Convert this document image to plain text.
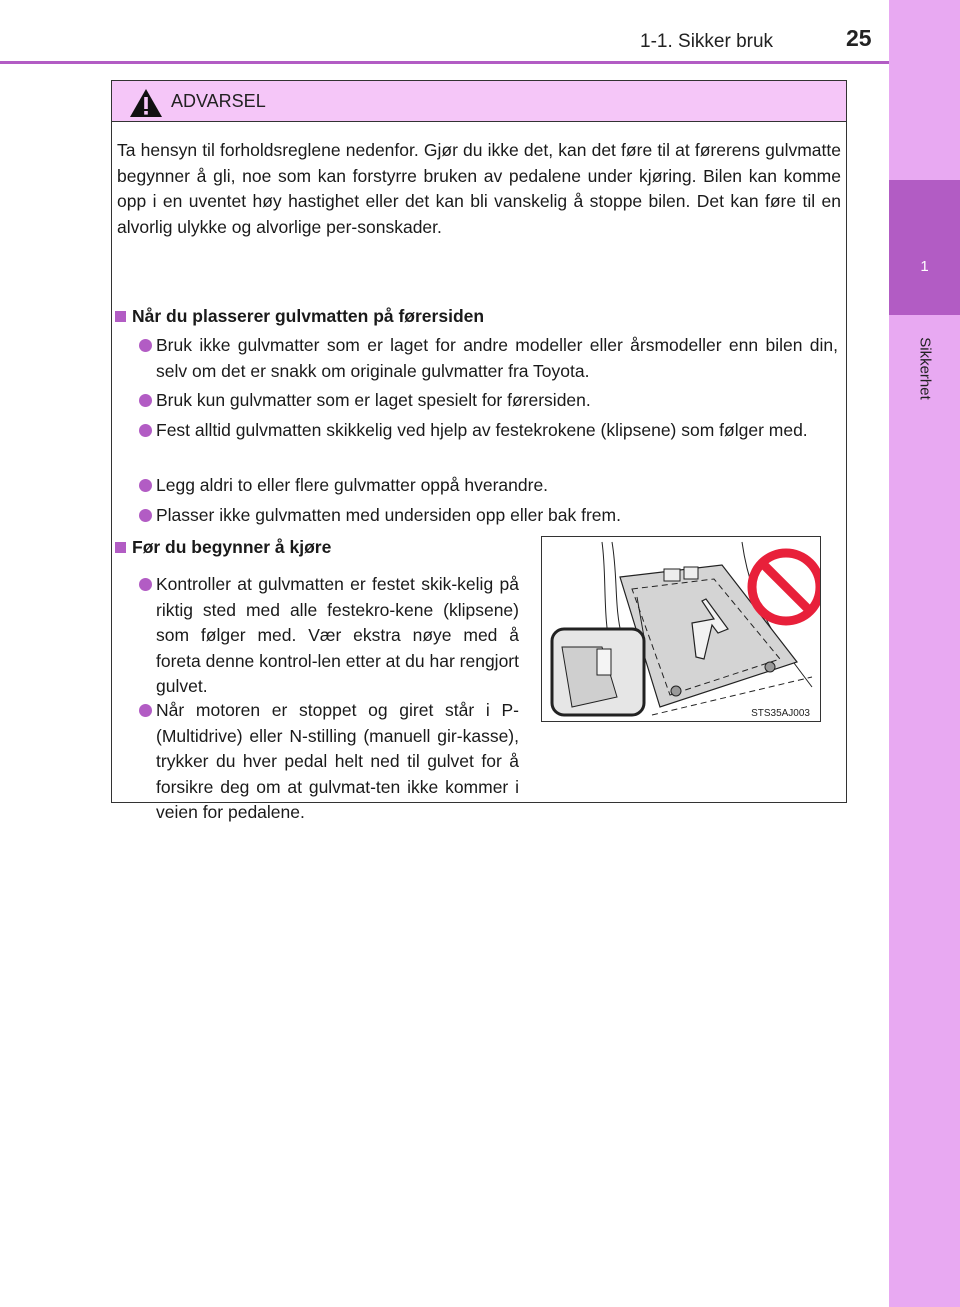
1
Sikkerhet
1-1. Sikker bruk	25
ADVARSEL

Ta hensyn til forholdsreglene nedenfor. Gjør du ikke det, kan det føre til at førerens gulvmatte begynner å gli, noe som kan forstyrre bruken av pedalene under kjøring. Bilen kan komme opp i en uventet høy hastighet eller det kan bli vanskelig å stoppe bilen. Det kan føre til en alvorlig ulykke og alvorlige per-sonskader.

Når du plasserer gulvmatten på førersiden
Bruk ikke gulvmatter som er laget for andre modeller eller årsmodeller enn bilen din, selv om det er snakk om originale gulvmatter fra Toyota.
Bruk kun gulvmatter som er laget spesielt for førersiden.
Fest alltid gulvmatten skikkelig ved hjelp av festekrokene (klipsene) som følger med.
Legg aldri to eller flere gulvmatter oppå hverandre.
Plasser ikke gulvmatten med undersiden opp eller bak frem.
Før du begynner å kjøre
Kontroller at gulvmatten er festet skik-kelig på riktig sted med alle festekro-kene (klipsene) som følger med. Vær ekstra nøye med å foreta denne kontrol-len etter at du har rengjort gulvet.
Når motoren er stoppet og giret står i P-(Multidrive) eller N-stilling (manuell gir-kasse), trykker du hver pedal helt ned til gulvet for å forsikre deg om at gulvmat-ten ikke kommer i veien for pedalene.
STS35AJ003
